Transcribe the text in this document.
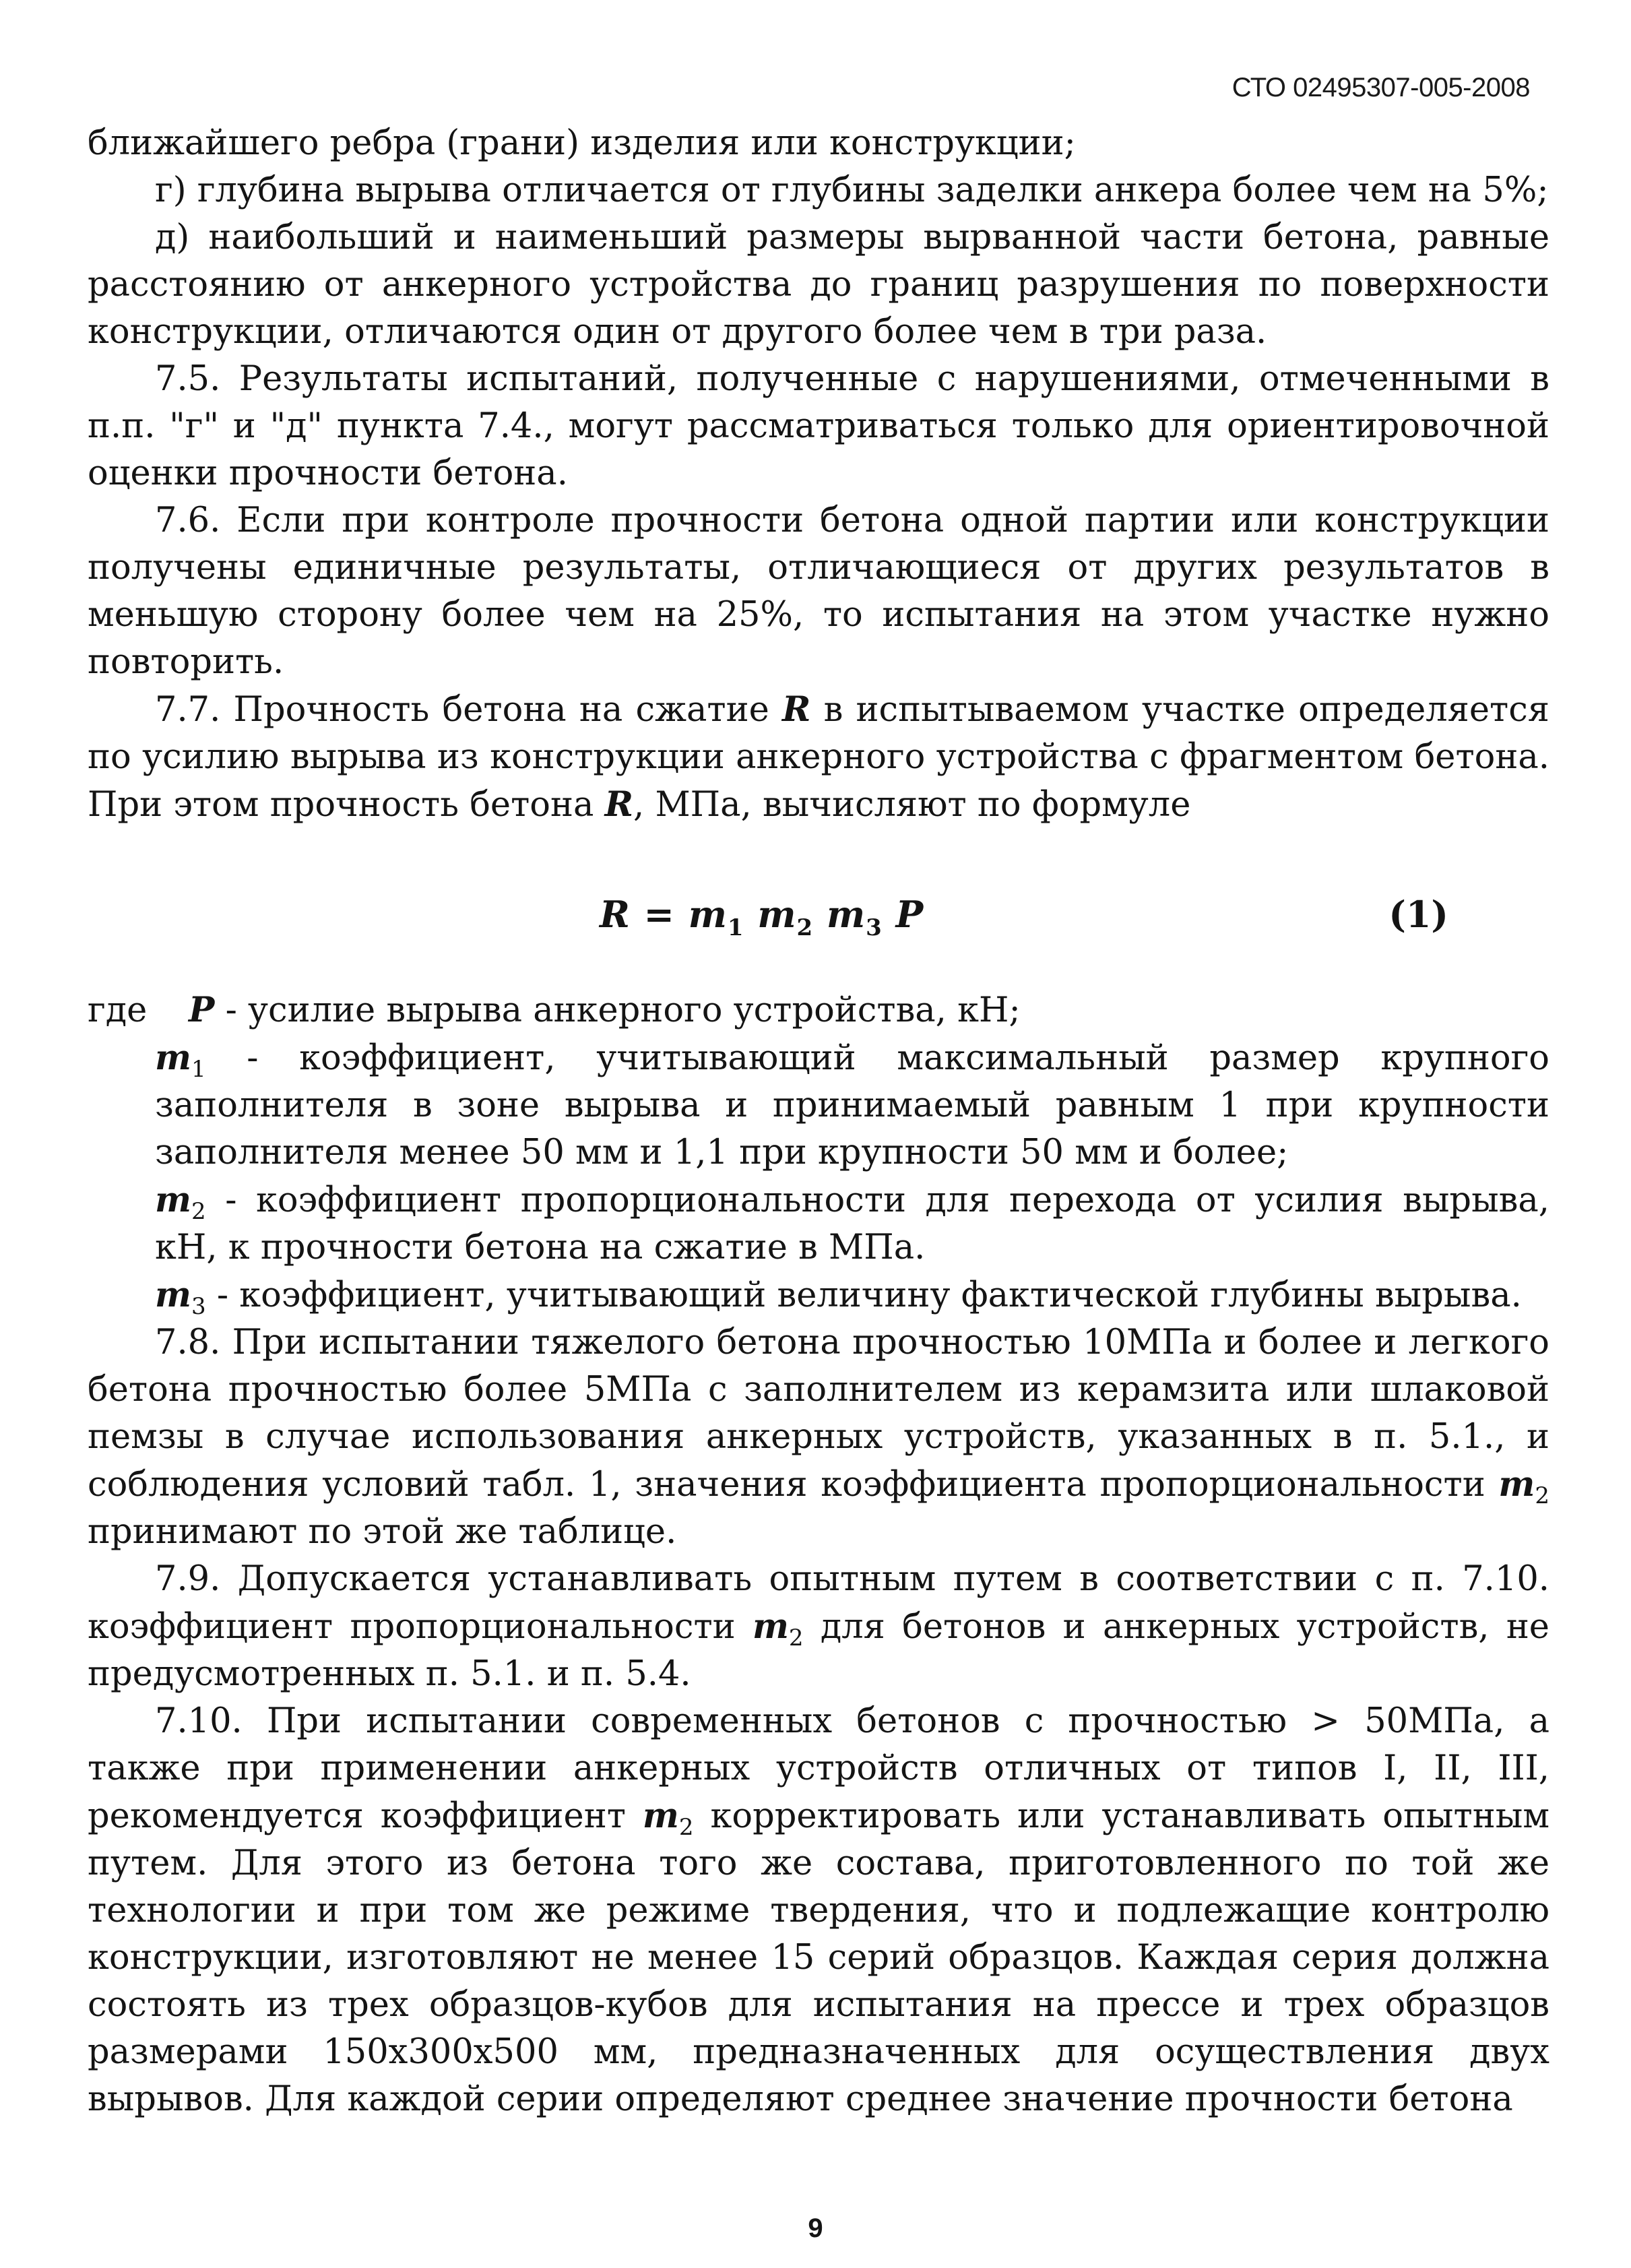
СТО 02495307-005-2008

ближайшего ребра (грани) изделия или конструкции;

г) глубина вырыва отличается от глубины заделки анкера более чем на 5%;

д) наибольший и наименьший размеры вырванной части бетона, равные расстоянию от анкерного устройства до границ разрушения по поверхности конструкции, отличаются один от другого более чем в три раза.

7.5. Результаты испытаний, полученные с нарушениями, отмеченными в п.п. "г" и "д" пункта 7.4., могут рассматриваться только для ориентировочной оценки прочности бетона.

7.6. Если при контроле прочности бетона одной партии или конструкции получены единичные результаты, отличающиеся от других результатов в меньшую сторону более чем на 25%, то испытания на этом участке нужно повторить.

7.7. Прочность бетона на сжатие R в испытываемом участке определяется по усилию вырыва из конструкции анкерного устройства с фрагментом бетона. При этом прочность бетона R, МПа, вычисляют по формуле

$R = m_1$ $m_2$ $m_3$ P	(1)

где P - усилие вырыва анкерного устройства, кН;

$m_1$ - коэффициент, учитывающий максимальный размер крупного заполнителя в зоне вырыва и принимаемый равным 1 при крупности заполнителя менее 50 мм и 1,1 при крупности 50 мм и более;

$m_2$ - коэффициент пропорциональности для перехода от усилия вырыва, кН, к прочности бетона на сжатие в МПа.

$m_3$ - коэффициент, учитывающий величину фактической глубины вырыва.

7.8. При испытании тяжелого бетона прочностью 10МПа и более и легкого бетона прочностью более 5МПа с заполнителем из керамзита или шлаковой пемзы в случае использования анкерных устройств, указанных в п. 5.1., и соблюдения условий табл. 1, значения коэффициента пропорциональности $m_2$ принимают по этой же таблице.

7.9. Допускается устанавливать опытным путем в соответствии с п. 7.10. коэффициент пропорциональности $m_2$ для бетонов и анкерных устройств, не предусмотренных п. 5.1. и п. 5.4.

7.10. При испытании современных бетонов с прочностью > 50МПа, а также при применении анкерных устройств отличных от типов I, II, III, рекомендуется коэффициент $m_2$ корректировать или устанавливать опытным путем. Для этого из бетона того же состава, приготовленного по той же технологии и при том же режиме твердения, что и подлежащие контролю конструкции, изготовляют не менее 15 серий образцов. Каждая серия должна состоять из трех образцов-кубов для испытания на прессе и трех образцов размерами 150х300х500 мм, предназначенных для осуществления двух вырывов. Для каждой серии определяют среднее значение прочности бетона

9
